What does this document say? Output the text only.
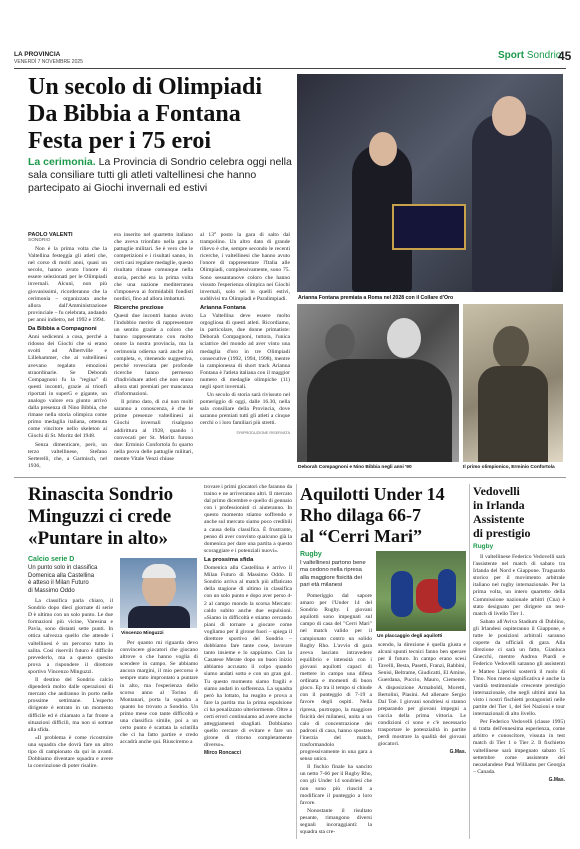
LA PROVINCIA
VENERDÌ 7 NOVEMBRE 2025
Sport Sondrio
45
Un secolo di Olimpiadi
Da Bibbia a Fontana
Festa per i 75 eroi
La cerimonia. La Provincia di Sondrio celebra oggi nella sala consiliare tutti gli atleti valtellinesi che hanno partecipato ai Giochi invernali ed estivi
PAOLO VALENTI
SONDRIO

Non è la prima volta che la Valtellina festeggia gli atleti che, nel corso di molti anni, quasi un secolo, hanno avuto l'onore di essere selezionati per le Olimpiadi invernali. Alcuni, non più giovanissimi, ricorderanno che la cerimonia – organizzata anche allora dall'Amministrazione provinciale – fu celebrata, andando per anni indietro, nel 1992 e 1994.

Da Bibbia a Compagnoni

Anni sedicenni a cosa, perché a ridosso dei Giochi che si erano svolti ad Albertville e Lillehammer, che ai valtellinesi avevano regalato emozioni straordinarie. Se Deborah Compagnoni fu la "regina" di questi incontri, grazie ai trionfi riportati in superG e gigante, un analogo valore era giunto arrivò dalla presenza di Nino Bibbia, che rimase nella storia olimpica come primo medaglia italiana, ottenuta come vincitore nello skeleton ai Giochi di St. Moritz del 1948.

Senza dimenticare, però, un terzo valtellinese, Stefano Serterelli, che, a Garmisch, nel 1936,

era inserito nel quartetto italiano che aveva trionfato nella gara a pattuglie militari. Se è vero che le competizioni e i risultati sanno, in certi casi regalare medaglie, questo risultato rimase comunque nella storia, perché era la prima volta che una nazione mediterranea s'imponeva ai formidabili fondisti nordici, fino ad allora imbattuti.

Ricerche preziose

Questi due incontri hanno avuto l'indubbio merito di rappresentare un sentito grazie a coloro che hanno rappresentato con molto onore la nostra provincia, ma la cerimonia odierna sarà anche più completa, e, ritenendo suggestiva, perché rovesciata per profonde ricerche hanno permesso d'individuare atleti che non erano allora stati premiati per mancanza d'informazioni.

Il primo dato, di cui non molti saranno a conoscenza, è che le prime presenze valtellinesi ai Giochi invernali risalgono addirittura al 1928, quando i convocati per St. Moritz furono due: Erminio Confortola fu quarto nella prova delle pattuglie militari, mentre Vitale Venzi chiuse

al 13° posto la gara di salto dal trampolino. Un altro dato di grande rilievo è che, sempre secondo le recenti ricerche, i valtellinesi che hanno avuto l'onore di rappresentare l'Italia alle Olimpiadi, complessivamente, sono 75. Sono sessantanove coloro che hanno vissuto l'esperienza olimpica nei Giochi invernali, solo sei in quelli estivi, suddivisi tra Olimpiadi e Paralimpiadi.

Arianna Fontana

La Valtellina deve essere molto orgogliosa di questi atleti. Ricordiamo, in particolare, due donne primatiste: Deborah Compagnoni, tuttora, l'unica sciatrice del mondo ad aver vinto una medaglia d'oro in tre Olimpiadi consecutive (1992, 1994, 1998), mentre la campionessa di short track Arianna Fontana è l'atleta italiana con il maggior numero di medaglie olimpiche (11) negli sport invernali.

Un secolo di storia sarà rivissuto nel pomeriggio di oggi, dalle 16.30, nella sala consiliare della Provincia, dove saranno premiati tutti gli atleti a cinque cerchi o i loro familiari più stretti.

©RIPRODUZIONE RISERVATA
Arianna Fontana premiata a Roma nel 2028 con il Collare d'Oro
Deborah Compagnoni e Nino Bibbia negli anni '90	Il primo olimpionico, Erminio Confortola
Rinascita Sondrio
Minguzzi ci crede
«Puntare in alto»
Calcio serie D
Un punto solo in classifica
Domenica alla Castellina
è atteso il Milan Futuro
di Massimo Oddo
Vincenzo Minguzzi

La classifica parla chiaro, il Sondrio dopo dieci giornate di serie D è ultimo con un solo punto. Le due formazioni più vicine, Varesina e Pavia, sono distanti sette punti. In ottica salvezza quello che attende i valtellinesi è un percorso tutto in salita. Così riservili futuro è difficile prevederlo, ma a questo quesito prova a rispondere il direttore sportivo Vincenzo Minguzzi.

Il destino del Sondrio calcio dipenderà molto dalle operazioni di mercato che andranno in porto nelle prossime settimane. L'esperto dirigente è entrato in un momento difficile ed è chiamato a far fronte a situazioni difficili, ma non si sottrae alla sfida.

«Il problema è come ricostruire una squadra che dovrà fare un altro tipo di campionato da qui in avanti. Dobbiamo diventare squadra e avere la convinzione di poter risalire.

Per quanto mi riguarda devo convincere giocatori che giocano altrove o che hanno voglia di scendere in campo. Se abbiamo ancora margini, il mio percorso è sempre stato improntato a puntare in alto, ma l'esperienza dello scorso anno al Torino di Montanari, porta la squadra a quanto ho trovato a Sondrio. Un primo mese con tante difficoltà e una classifica simile, poi a un certo punto è scattata la scintilla che ci ha fatto partire e credo accadrà anche qui. Riusciremo a

trovare i primi giocatori che faranno da traino e ne arriveranno altri. Il mercato dal primo dicembre e quello di gennaio con i professionisti ci aiuteranno. In questo momento stiamo soffrendo e anche sul mercato siamo poco credibili a causa della classifica. È frustrante, penso di aver convinto qualcuno già la domenica per dare una partita a questo scoraggiare e i potenziali nuovi».

La prossima sfida

Domenica alla Castellina è arrivo il Milan Futuro di Massimo Oddo. Il Sondrio arriva al match più affaticato della stagione di ultimo in classifica con un solo punto e dopo aver perso 4-2 al campo mondo la scorsa Mercato: caldo subito anche due espulsioni. «Siamo in difficoltà e stiamo cercando piani di tornare a giocare come vogliamo per il girone fuori – spiega il direttore sportivo del Sondrio – dobbiamo fare tante cose, lavorare tanto insieme e lo sappiamo. Con la Casatese Merate dopo un buon inizio abbiamo accusato il colpo quando siamo andati sotto e con un gran gol. Tu questo momento siamo fragili e siamo andati in sofferenza. La squadra però ha lottato, ha reagito e prova a fare la partita ma la prima espulsione ci ha penalizzato ulteriormente. Oltre a certi errori continuiamo ad avere anche atteggiamenti sbagliati. Dobbiamo quello cercare di evitare e fare un girone di ritorno completamente diverso».

Mirco Roncacci
Aquilotti Under 14
Rho dilaga 66-7
al “Cerri Mari”
Rugby
I valtellinesi partono bene ma cedono nella ripresa alla maggiore fisicità dei pari età milanesi
Un placcaggio degli aquilotti

Pomeriggio dal sapore amaro per l'Under 14 del Sondrio Rugby. I giovani aquilotti sono impegnati sul campo di casa del "Cerri Mari" nel match valido per il campionato contro un solido Rugby Rho. L'avvio di gara aveva lasciato intravedere equilibrio e intensità con i giovani aquilotti capaci di mettere in campo una difesa ordinata e momenti di buon gioco. Ep tra il tempo si chiude con il punteggio di 7-19 a favore degli ospiti. Nella ripresa, purtroppo, la maggiore fisicità dei milanesi, unita a un calo di concentrazione dei padroni di casa, hanno spostato l'inerzia del match, trasformandolo progressivamente in una gara a senso unico.

Il fischio finale ha sancito un netto 7-66 per il Rugby Rho, con gli Under 14 sondriesi che non sono più riusciti a modificare il punteggio a loro favore.

Nonostante il risultato pesante, rimangono diversi segnali incoraggianti: la squadra sta cre-

scendo, la direzione è quella giusta e alcuni spunti tecnici fanno ben sperare per il futuro. In campo erano scesi Tavelli, Besta, Pasetti, Franzi, Rabbini, Senisi, Beltrame, Giudicatti, El Amine, Guerdana, Puccio, Mauro, Ciemente. A disposizione Armaboldi, Moretti, Bertolini, Piasini. Ad allenare Sergio Dal Toè. I giovani sondriesi si stanno preparando per giovani impegni a caccia della prima vittoria. Le condizioni ci sono e c'è necessario trasportare le potenzialità in partite perdi mostrare la qualità dei giovani giocatori.

G.Mas.
Vedovelli
in Irlanda
Assistente
di prestigio
Rugby

Il valtellinese Federico Vedovelli sarà l'assistente nel match di sabato tra Irlanda del Nord e Giappone. Traguardo storico per il movimento arbitrale italiano nel rugby internazionale. Per la prima volta, un intero quartetto della Commissione nazionale arbitri (Cna) è stato designato per dirigere un test-match di livello Tier 1.

Sabato all'Aviva Stadium di Dublino, gli Irlandesi ospiteranno il Giappone, e tutte le posizioni arbitrali saranno coperte da ufficiali di gara. Alla direzione ci sarà un fatto, Gianluca Gnecchi, mentre Andrea Piardi e Federico Vedovelli saranno gli assistenti e Matteo Liperini sosterrà il ruolo di Tmo. Non meno significativa è anche la vastità testimoniale crescente prestigio internazionale, che negli ultimi anni ha visto i nostri fischietti protagonisti nelle partite del Tier 1, del Sei Nazioni e tour internazionali di alto livello.

Per Federico Vedovelli (classe 1995) si tratta dell'ennesima esperienza, come arbitro e conoscitore, vissuta in test match di Tier 1 o Tier 2. Il fischietto valtellinese sarà impegnato sabato 15 settembre come assistente del neozelandese Paul Williams per Georgia – Canada.

G.Mas.
